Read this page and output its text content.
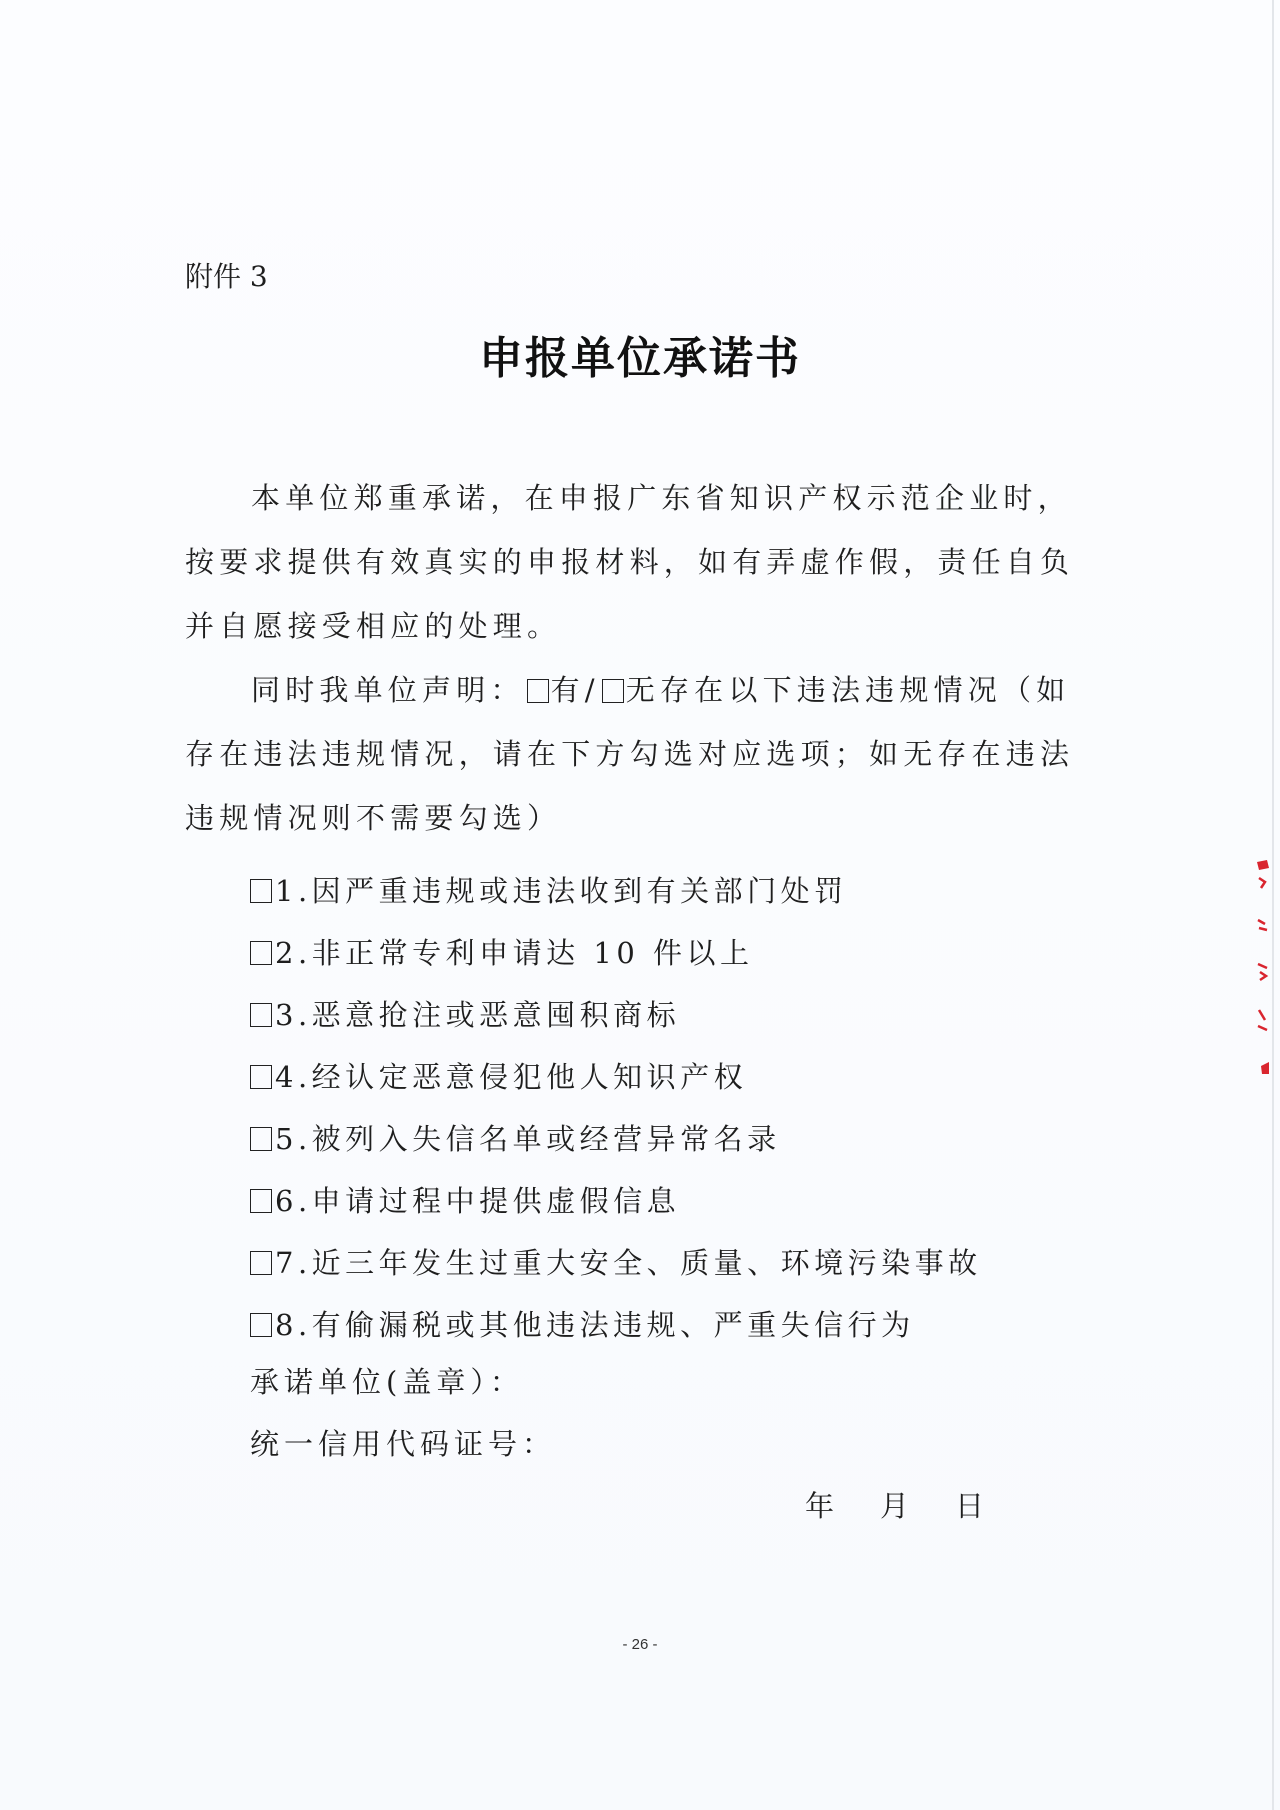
附件 3
申报单位承诺书
本单位郑重承诺，在申报广东省知识产权示范企业时，按要求提供有效真实的申报材料，如有弄虚作假，责任自负并自愿接受相应的处理。
同时我单位声明： 有/ 无存在以下违法违规情况（如存在违法违规情况，请在下方勾选对应选项；如无存在违法违规情况则不需要勾选）
1.因严重违规或违法收到有关部门处罚
2.非正常专利申请达 10 件以上
3.恶意抢注或恶意囤积商标
4.经认定恶意侵犯他人知识产权
5.被列入失信名单或经营异常名录
6.申请过程中提供虚假信息
7.近三年发生过重大安全、质量、环境污染事故
8.有偷漏税或其他违法违规、严重失信行为
承诺单位(盖章）：
统一信用代码证号：
年 月 日
- 26 -
